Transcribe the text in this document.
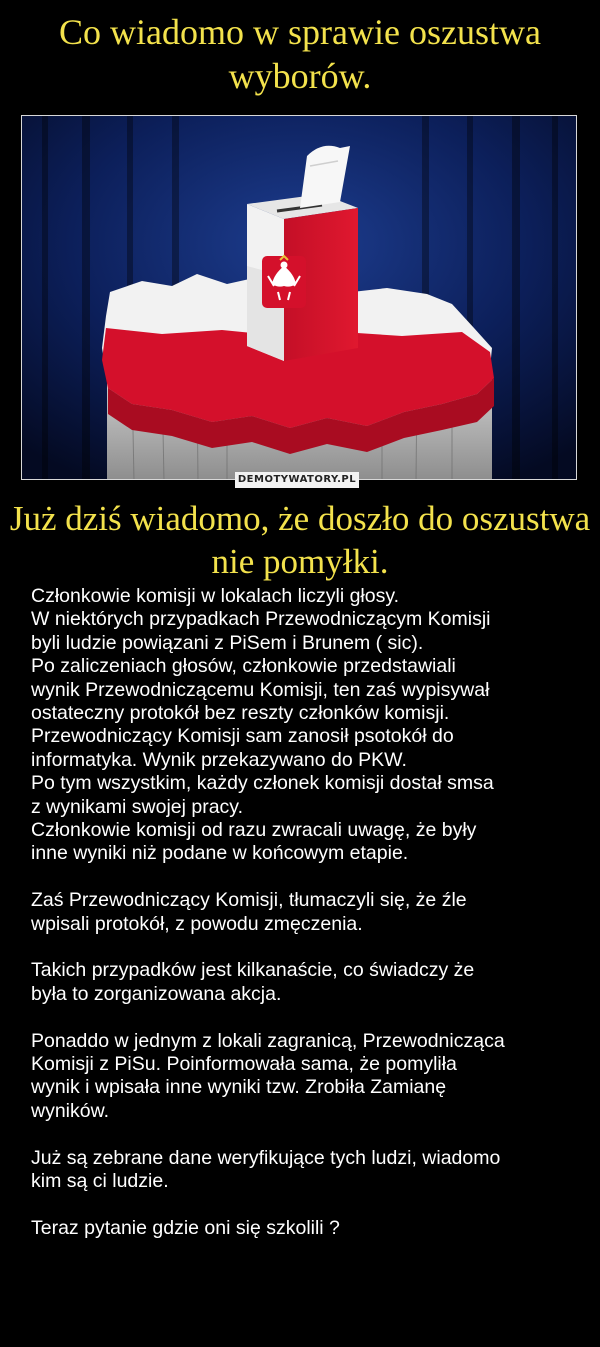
Co wiadomo w sprawie oszustwa wyborów.
DEMOTYWATORY.PL
Już dziś wiadomo, że doszło do oszustwa nie pomyłki.

Członkowie komisji w lokalach liczyli głosy.

W niektórych przypadkach Przewodniczącym Komisji

byli ludzie powiązani z PiSem i Brunem ( sic).

Po zaliczeniach głosów, członkowie przedstawiali

wynik Przewodniczącemu Komisji, ten zaś wypisywał

ostateczny protokół bez reszty członków komisji.

Przewodniczący Komisji sam zanosił psotokół do

informatyka. Wynik przekazywano do PKW.

Po tym wszystkim, każdy członek komisji dostał smsa

z wynikami swojej pracy.

Członkowie komisji od razu zwracali uwagę, że były

inne wyniki niż podane w końcowym etapie.

Zaś Przewodniczący Komisji, tłumaczyli się, że źle

wpisali protokół, z powodu zmęczenia.

Takich przypadków jest kilkanaście, co świadczy że

była to zorganizowana akcja.

Ponaddo w jednym z lokali zagranicą, Przewodnicząca

Komisji z PiSu. Poinformowała sama, że pomyliła

wynik i wpisała inne wyniki tzw. Zrobiła Zamianę

wyników.

Już są zebrane dane weryfikujące tych ludzi, wiadomo

kim są ci ludzie.

Teraz pytanie gdzie oni się szkolili ?
